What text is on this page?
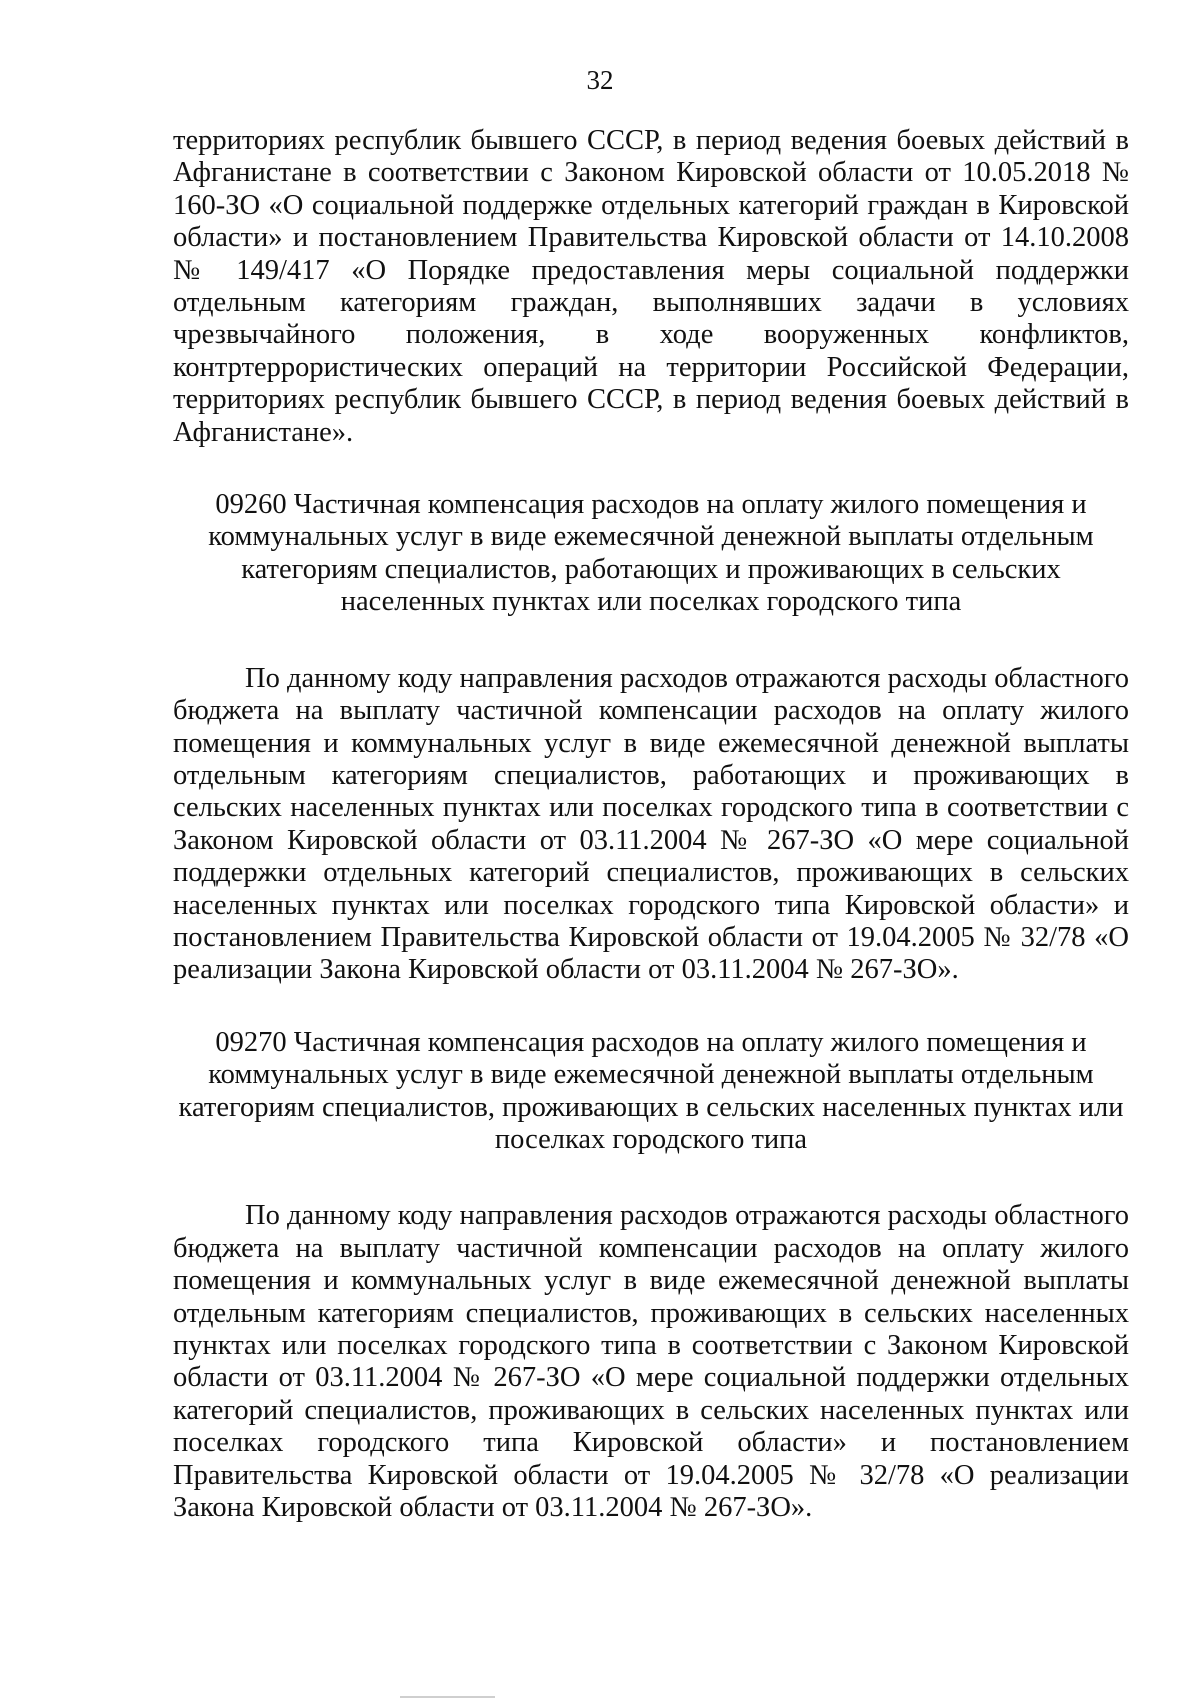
32

территориях республик бывшего СССР, в период ведения боевых действий в Афганистане в соответствии с Законом Кировской области от 10.05.2018 № 160-ЗО «О социальной поддержке отдельных категорий граждан в Кировской области» и постановлением Правительства Кировской области от 14.10.2008 № 149/417 «О Порядке предоставления меры социальной поддержки отдельным категориям граждан, выполнявших задачи в условиях чрезвычайного положения, в ходе вооруженных конфликтов, контртеррористических операций на территории Российской Федерации, территориях республик бывшего СССР, в период ведения боевых действий в Афганистане».

09260 Частичная компенсация расходов на оплату жилого помещения и коммунальных услуг в виде ежемесячной денежной выплаты отдельным категориям специалистов, работающих и проживающих в сельских населенных пунктах или поселках городского типа

По данному коду направления расходов отражаются расходы областного бюджета на выплату частичной компенсации расходов на оплату жилого помещения и коммунальных услуг в виде ежемесячной денежной выплаты отдельным категориям специалистов, работающих и проживающих в сельских населенных пунктах или поселках городского типа в соответствии с Законом Кировской области от 03.11.2004 № 267-ЗО «О мере социальной поддержки отдельных категорий специалистов, проживающих в сельских населенных пунктах или поселках городского типа Кировской области» и постановлением Правительства Кировской области от 19.04.2005 № 32/78 «О реализации Закона Кировской области от 03.11.2004 № 267-ЗО».

09270 Частичная компенсация расходов на оплату жилого помещения и коммунальных услуг в виде ежемесячной денежной выплаты отдельным категориям специалистов, проживающих в сельских населенных пунктах или поселках городского типа

По данному коду направления расходов отражаются расходы областного бюджета на выплату частичной компенсации расходов на оплату жилого помещения и коммунальных услуг в виде ежемесячной денежной выплаты отдельным категориям специалистов, проживающих в сельских населенных пунктах или поселках городского типа в соответствии с Законом Кировской области от 03.11.2004 № 267-ЗО «О мере социальной поддержки отдельных категорий специалистов, проживающих в сельских населенных пунктах или поселках городского типа Кировской области» и постановлением Правительства Кировской области от 19.04.2005 № 32/78 «О реализации Закона Кировской области от 03.11.2004 № 267-ЗО».
